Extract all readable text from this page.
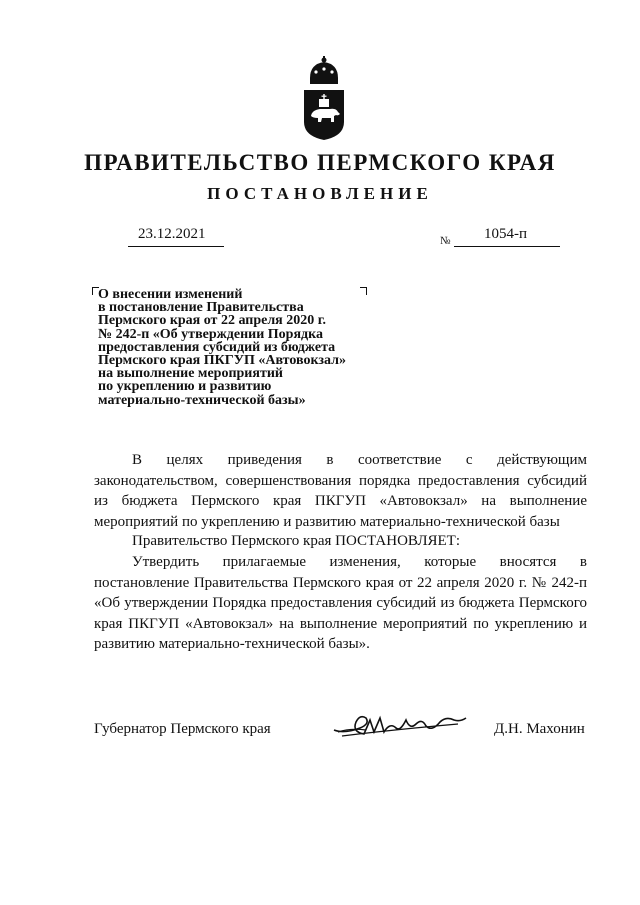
ПРАВИТЕЛЬСТВО ПЕРМСКОГО КРАЯ
ПОСТАНОВЛЕНИЕ
23.12.2021	№ 1054-п
О внесении изменений
в постановление Правительства
Пермского края от 22 апреля 2020 г.
№ 242-п «Об утверждении Порядка
предоставления субсидий из бюджета
Пермского края ПКГУП «Автовокзал»
на выполнение мероприятий
по укреплению и развитию
материально-технической базы»

В целях приведения в соответствие с действующим законодательством, совершенствования порядка предоставления субсидий из бюджета Пермского края ПКГУП «Автовокзал» на выполнение мероприятий по укреплению и развитию материально-технической базы

Правительство Пермского края ПОСТАНОВЛЯЕТ:

Утвердить прилагаемые изменения, которые вносятся в постановление Правительства Пермского края от 22 апреля 2020 г. № 242-п «Об утверждении Порядка предоставления субсидий из бюджета Пермского края ПКГУП «Автовокзал» на выполнение мероприятий по укреплению и развитию материально-технической базы».

Губернатор Пермского края	Д.Н. Махонин
